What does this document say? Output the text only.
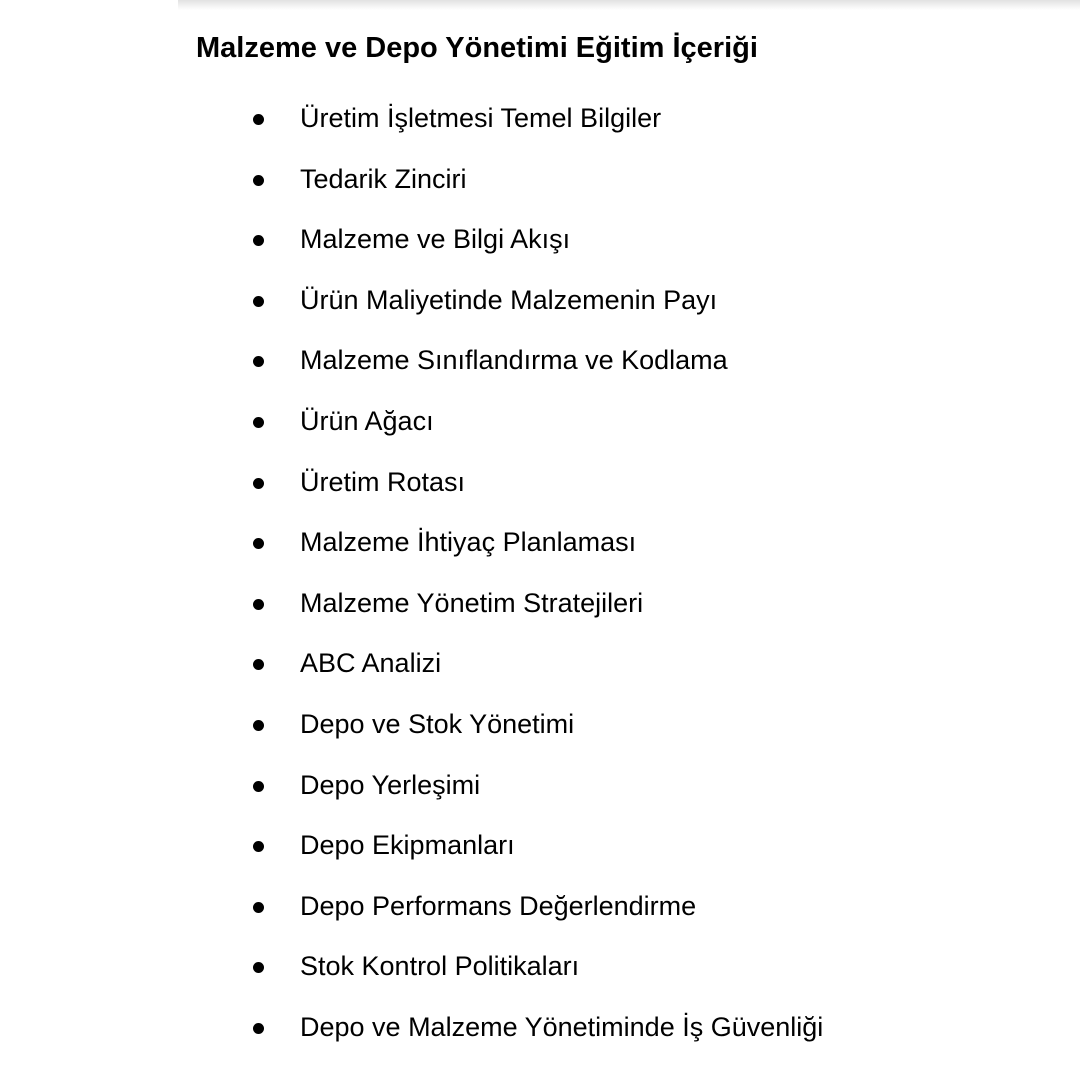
Malzeme ve Depo Yönetimi Eğitim İçeriği
Üretim İşletmesi Temel Bilgiler
Tedarik Zinciri
Malzeme ve Bilgi Akışı
Ürün Maliyetinde Malzemenin Payı
Malzeme Sınıflandırma ve Kodlama
Ürün Ağacı
Üretim Rotası
Malzeme İhtiyaç Planlaması
Malzeme Yönetim Stratejileri
ABC Analizi
Depo ve Stok Yönetimi
Depo Yerleşimi
Depo Ekipmanları
Depo Performans Değerlendirme
Stok Kontrol Politikaları
Depo ve Malzeme Yönetiminde İş Güvenliği
